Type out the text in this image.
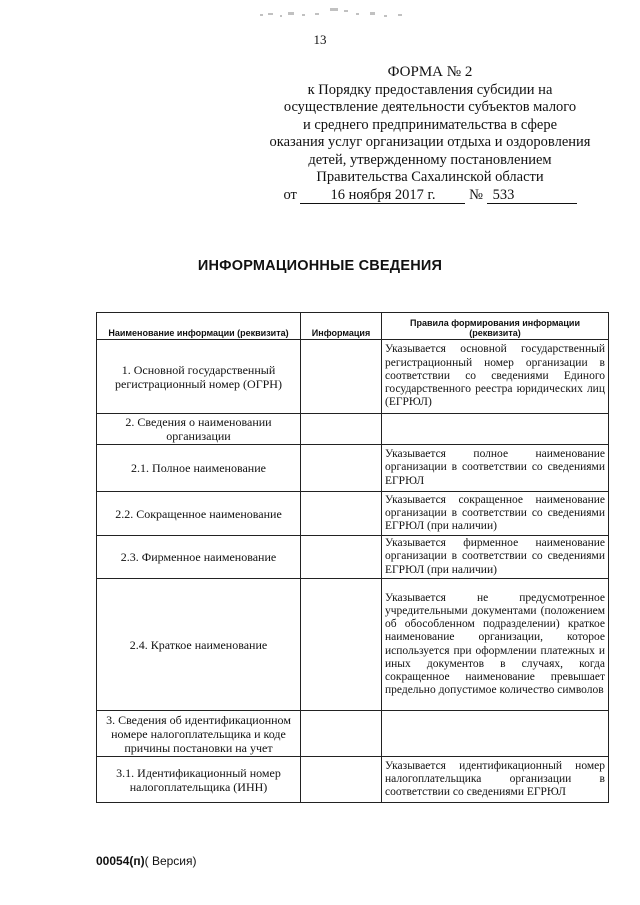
13
ФОРМА № 2
к Порядку предоставления субсидии на
осуществление деятельности субъектов малого
и среднего предпринимательства в сфере
оказания услуг организации отдыха и оздоровления
детей, утвержденному постановлением
Правительства Сахалинской области
от 16 ноября 2017 г. № 533
ИНФОРМАЦИОННЫЕ СВЕДЕНИЯ
Наименование информации (реквизита)	Информация	Правила формирования информации (реквизита)
1. Основной государственный регистрационный номер (ОГРН)		Указывается основной государственный регистрационный номер организации в соответствии со сведениями Единого государственного реестра юридических лиц (ЕГРЮЛ)
2. Сведения о наименовании организации		
2.1. Полное наименование		Указывается полное наименование организации в соответствии со сведениями ЕГРЮЛ
2.2. Сокращенное наименование		Указывается сокращенное наименование организации в соответствии со сведениями ЕГРЮЛ (при наличии)
2.3. Фирменное наименование		Указывается фирменное наименование организации в соответствии со сведениями ЕГРЮЛ (при наличии)
2.4. Краткое наименование		Указывается не предусмотренное учредительными документами (положением об обособленном подразделении) краткое наименование организации, которое используется при оформлении платежных и иных документов в случаях, когда сокращенное наименование превышает предельно допустимое количество символов
3. Сведения об идентификационном номере налогоплательщика и коде причины постановки на учет		
3.1. Идентификационный номер налогоплательщика (ИНН)		Указывается идентификационный номер налогоплательщика организации в соответствии со сведениями ЕГРЮЛ
00054(п)( Версия)
